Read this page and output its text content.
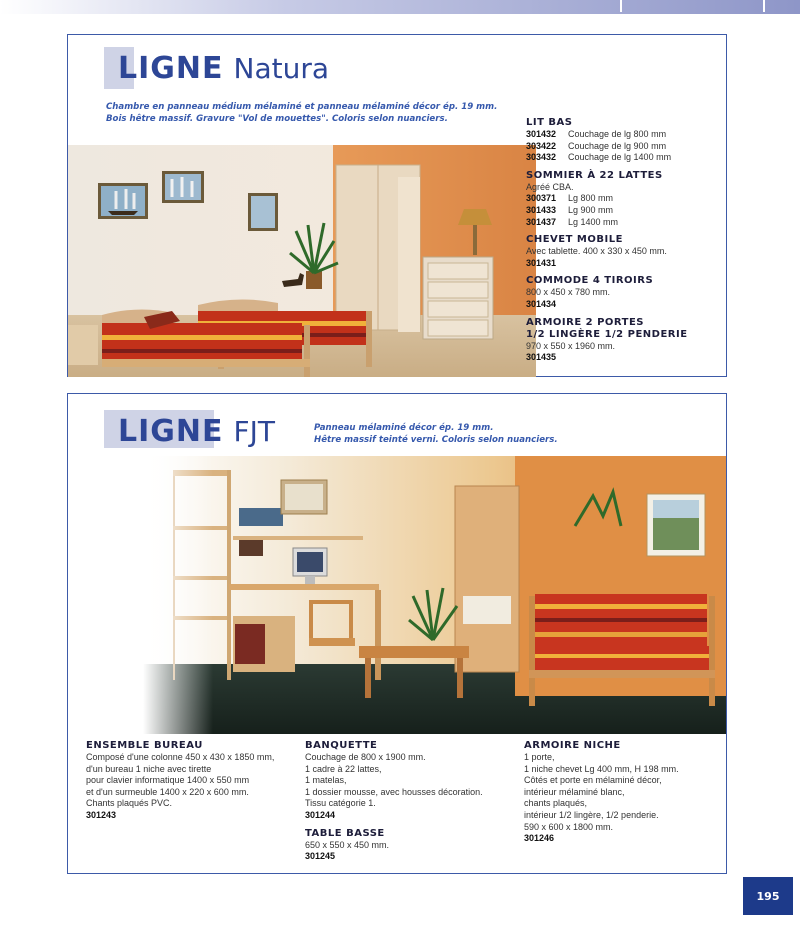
LIGNE Natura
Chambre en panneau médium mélaminé et panneau mélaminé décor ép. 19 mm.
Bois hêtre massif. Gravure "Vol de mouettes". Coloris selon nuanciers.	LIT BAS
301432 Couchage de lg 800 mm
303422 Couchage de lg 900 mm
303432 Couchage de lg 1400 mm
SOMMIER À 22 LATTES
Agréé CBA.
300371 Lg 800 mm
301433 Lg 900 mm
301437 Lg 1400 mm
CHEVET MOBILE
Avec tablette. 400 x 330 x 450 mm.
301431
COMMODE 4 TIROIRS
800 x 450 x 780 mm.
301434
ARMOIRE 2 PORTES
1/2 LINGÈRE 1/2 PENDERIE
970 x 550 x 1960 mm.
301435
LIGNE FJT	Panneau mélaminé décor ép. 19 mm.
Hêtre massif teinté verni. Coloris selon nuanciers.
ENSEMBLE BUREAU
Composé d'une colonne 450 x 430 x 1850 mm,
d'un bureau 1 niche avec tirette
pour clavier informatique 1400 x 550 mm
et d'un surmeuble 1400 x 220 x 600 mm.
Chants plaqués PVC.
301243
BANQUETTE
Couchage de 800 x 1900 mm.
1 cadre à 22 lattes,
1 matelas,
1 dossier mousse, avec housses décoration.
Tissu catégorie 1.
301244
TABLE BASSE
650 x 550 x 450 mm.
301245
ARMOIRE NICHE
1 porte,
1 niche chevet Lg 400 mm, H 198 mm.
Côtés et porte en mélaminé décor,
intérieur mélaminé blanc,
chants plaqués,
intérieur 1/2 lingère, 1/2 penderie.
590 x 600 x 1800 mm.
301246
195
